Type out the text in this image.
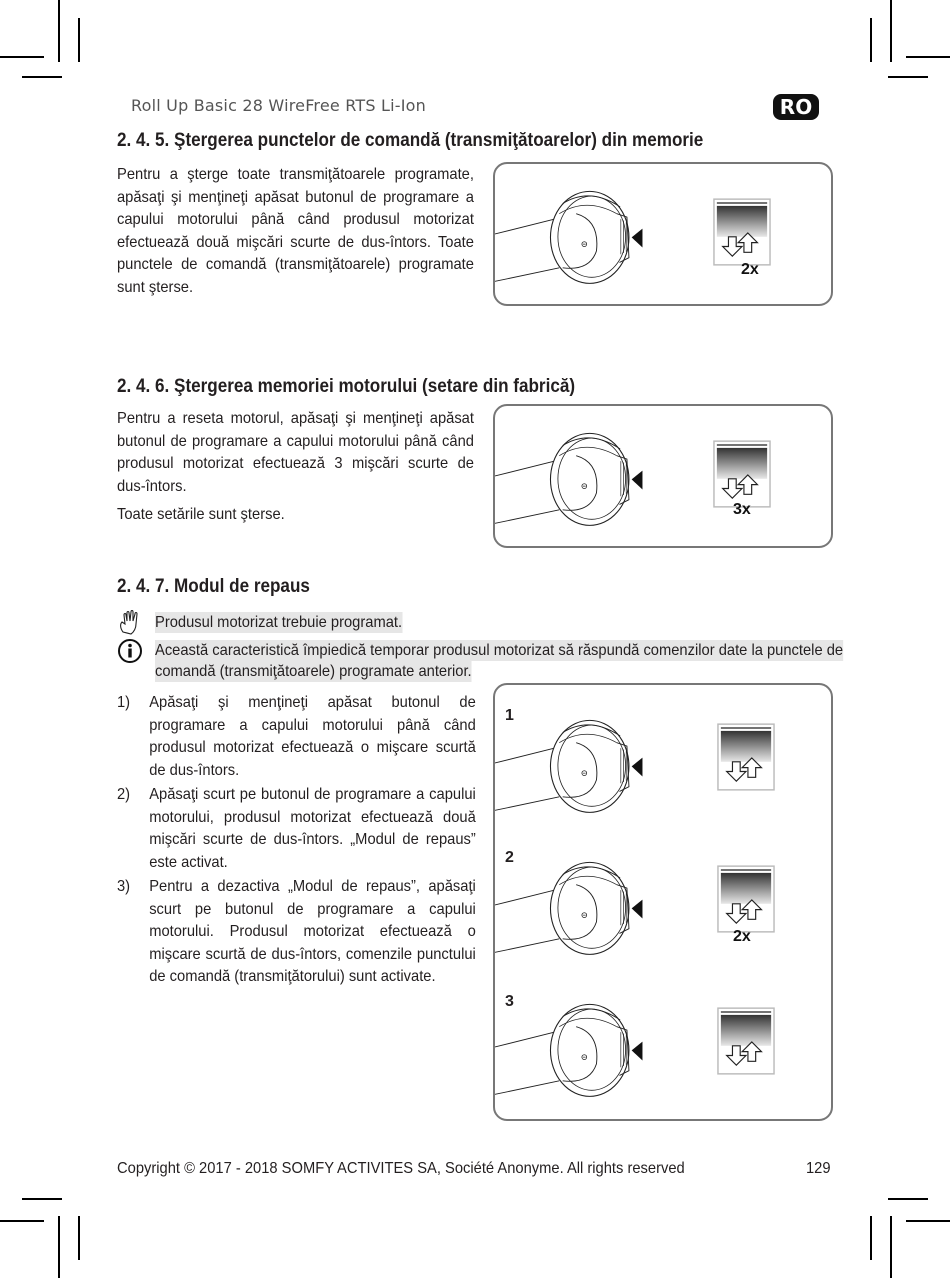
Roll Up Basic 28 WireFree RTS Li-Ion	RO
2. 4. 5. Ştergerea punctelor de comandă (transmiţătoarelor) din memorie

Pentru a şterge toate transmiţătoarele programate, apăsaţi şi menţineţi apăsat butonul de programare a capului motorului până când produsul motorizat efectuează două mişcări scurte de dus-întors. Toate punctele de comandă (transmiţătoarele) programate sunt şterse.

2x
2. 4. 6. Ştergerea memoriei motorului (setare din fabrică)

Pentru a reseta motorul, apăsaţi şi menţineţi apăsat butonul de programare a capului motorului până când produsul motorizat efectuează 3 mişcări scurte de dus-întors.

Toate setările sunt şterse.	3x
2. 4. 7. Modul de repaus
Produsul motorizat trebuie programat.
Această caracteristică împiedică temporar produsul motorizat să răspundă comenzilor date la punctele de
comandă (transmiţătoarele) programate anterior.
1) Apăsaţi şi menţineţi apăsat butonul de programare a capului motorului până când produsul motorizat efectuează o mişcare scurtă de dus-întors.
2) Apăsaţi scurt pe butonul de programare a capului motorului, produsul motorizat efectuează două mişcări scurte de dus-întors. „Modul de repaus” este activat.
3) Pentru a dezactiva „Modul de repaus”, apăsaţi scurt pe butonul de programare a capului motorului. Produsul motorizat efectuează o mişcare scurtă de dus-întors, comenzile punctului de comandă (transmiţătorului) sunt activate.
1
2
3
2x
Copyright © 2017 - 2018 SOMFY ACTIVITES SA, Société Anonyme. All rights reserved	129
